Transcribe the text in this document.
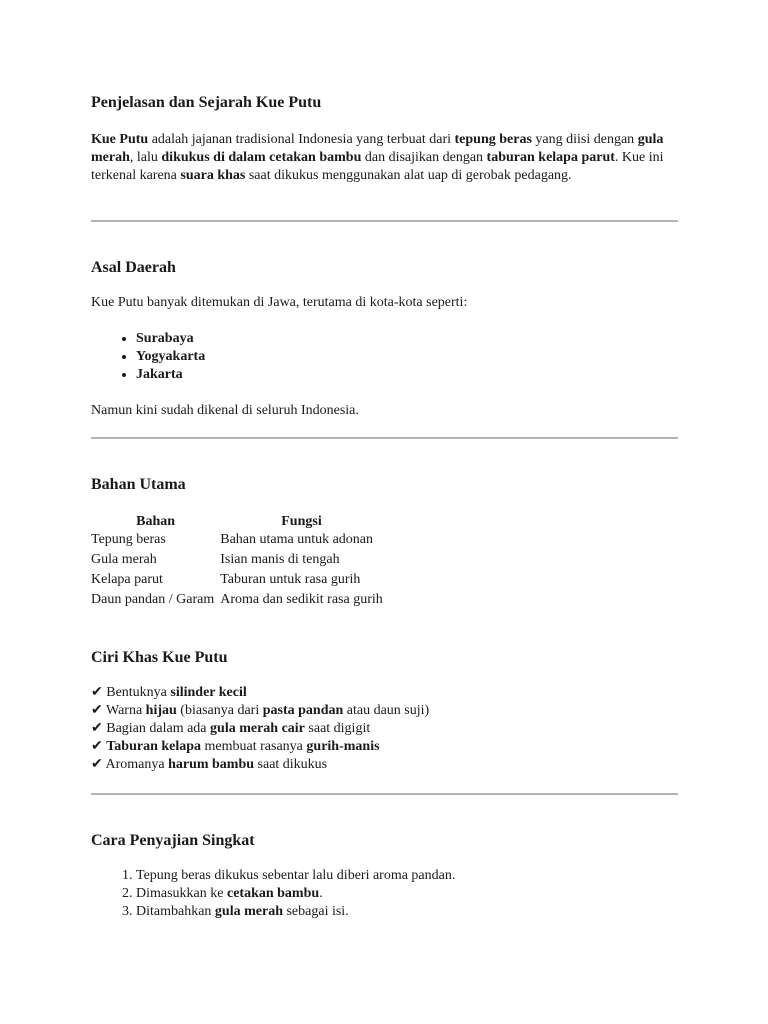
Penjelasan dan Sejarah Kue Putu

Kue Putu adalah jajanan tradisional Indonesia yang terbuat dari tepung beras yang diisi dengan gula merah, lalu dikukus di dalam cetakan bambu dan disajikan dengan taburan kelapa parut. Kue ini terkenal karena suara khas saat dikukus menggunakan alat uap di gerobak pedagang.

Asal Daerah

Kue Putu banyak ditemukan di Jawa, terutama di kota-kota seperti:

• Surabaya
• Yogyakarta
• Jakarta

Namun kini sudah dikenal di seluruh Indonesia.

Bahan Utama
Bahan	Fungsi
Tepung beras	Bahan utama untuk adonan
Gula merah	Isian manis di tengah
Kelapa parut	Taburan untuk rasa gurih
Daun pandan / Garam	Aroma dan sedikit rasa gurih
Ciri Khas Kue Putu
✔ Bentuknya silinder kecil
✔ Warna hijau (biasanya dari pasta pandan atau daun suji)
✔ Bagian dalam ada gula merah cair saat digigit
✔ Taburan kelapa membuat rasanya gurih-manis
✔ Aromanya harum bambu saat dikukus
Cara Penyajian Singkat
1. Tepung beras dikukus sebentar lalu diberi aroma pandan.
2. Dimasukkan ke cetakan bambu.
3. Ditambahkan gula merah sebagai isi.
